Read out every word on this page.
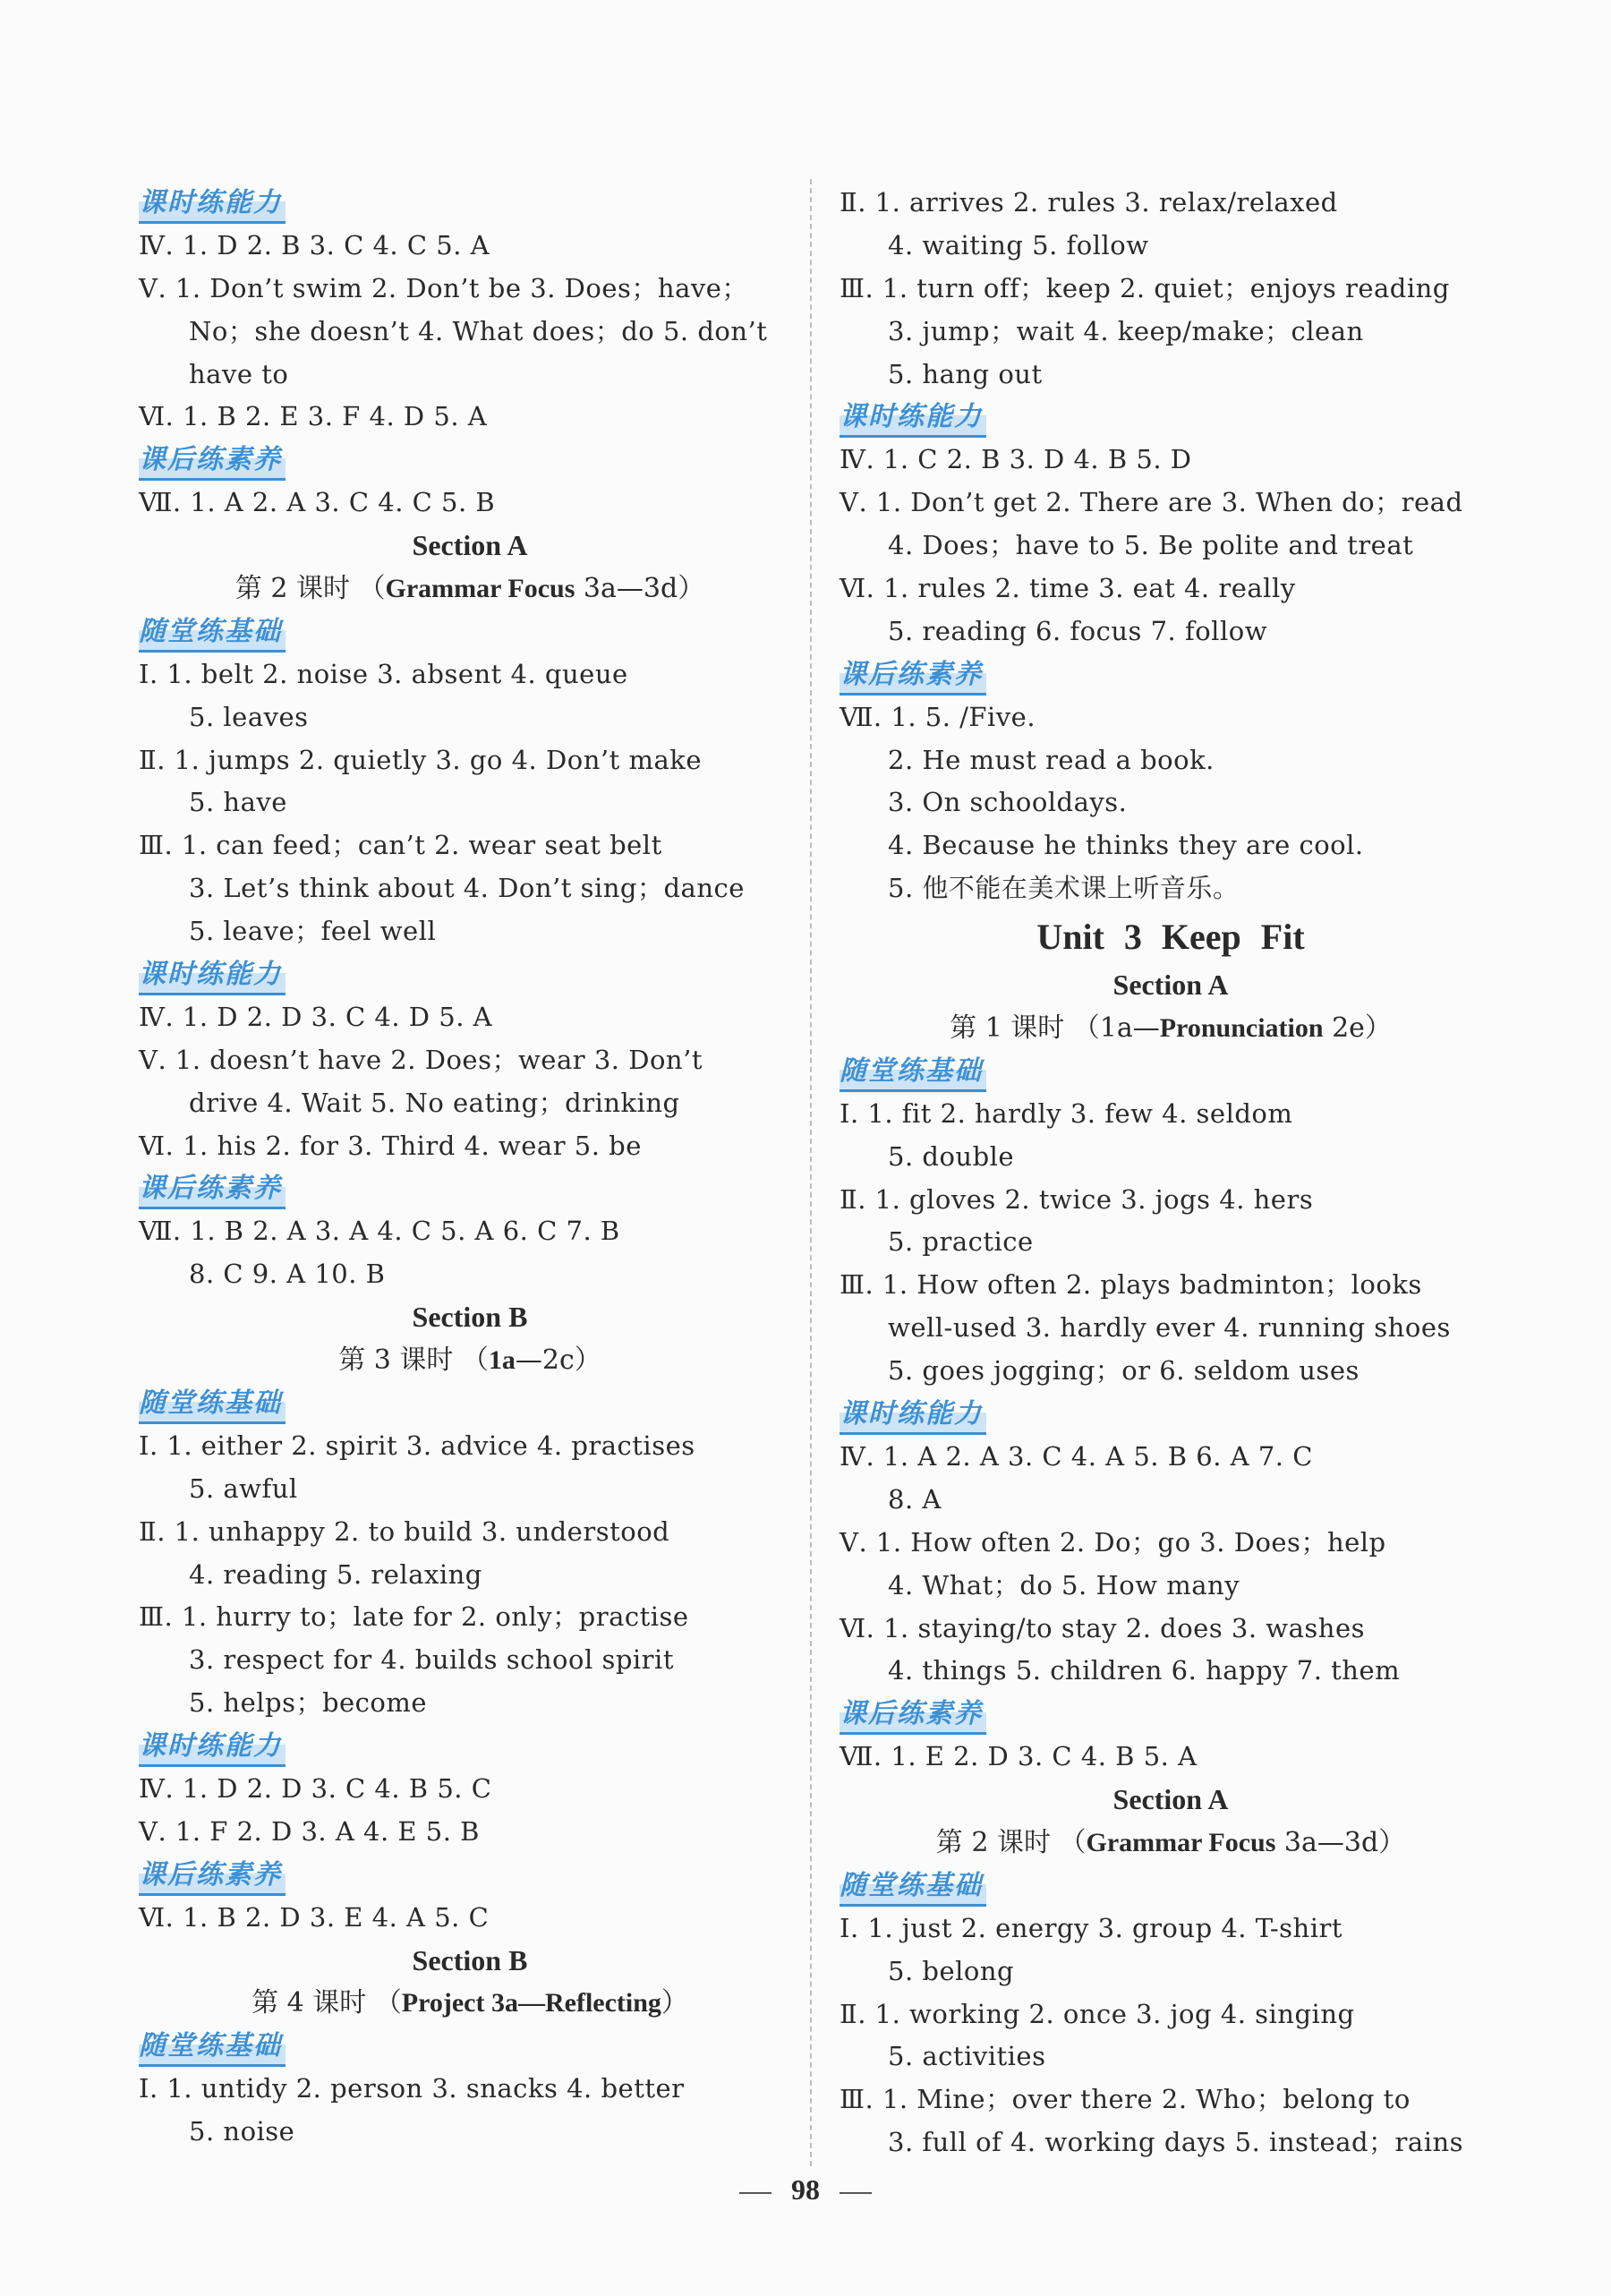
课时练能力
Ⅳ. 1. D 2. B 3. C 4. C 5. A
Ⅴ. 1. Don’t swim 2. Don’t be 3. Does；have；
No；she doesn’t 4. What does；do 5. don’t
have to
Ⅵ. 1. B 2. E 3. F 4. D 5. A
课后练素养
Ⅶ. 1. A 2. A 3. C 4. C 5. B
Section A
第 2 课时 （Grammar Focus 3a—3d）
随堂练基础
Ⅰ. 1. belt 2. noise 3. absent 4. queue
5. leaves
Ⅱ. 1. jumps 2. quietly 3. go 4. Don’t make
5. have
Ⅲ. 1. can feed；can’t 2. wear seat belt
3. Let’s think about 4. Don’t sing；dance
5. leave；feel well
课时练能力
Ⅳ. 1. D 2. D 3. C 4. D 5. A
Ⅴ. 1. doesn’t have 2. Does；wear 3. Don’t
drive 4. Wait 5. No eating；drinking
Ⅵ. 1. his 2. for 3. Third 4. wear 5. be
课后练素养
Ⅶ. 1. B 2. A 3. A 4. C 5. A 6. C 7. B
8. C 9. A 10. B
Section B
第 3 课时 （1a—2c）
随堂练基础
Ⅰ. 1. either 2. spirit 3. advice 4. practises
5. awful
Ⅱ. 1. unhappy 2. to build 3. understood
4. reading 5. relaxing
Ⅲ. 1. hurry to；late for 2. only；practise
3. respect for 4. builds school spirit
5. helps；become
课时练能力
Ⅳ. 1. D 2. D 3. C 4. B 5. C
Ⅴ. 1. F 2. D 3. A 4. E 5. B
课后练素养
Ⅵ. 1. B 2. D 3. E 4. A 5. C
Section B
第 4 课时 （Project 3a—Reflecting）
随堂练基础
Ⅰ. 1. untidy 2. person 3. snacks 4. better
5. noise
Ⅱ. 1. arrives 2. rules 3. relax/relaxed
4. waiting 5. follow
Ⅲ. 1. turn off；keep 2. quiet；enjoys reading
3. jump；wait 4. keep/make；clean
5. hang out
课时练能力
Ⅳ. 1. C 2. B 3. D 4. B 5. D
Ⅴ. 1. Don’t get 2. There are 3. When do；read
4. Does；have to 5. Be polite and treat
Ⅵ. 1. rules 2. time 3. eat 4. really
5. reading 6. focus 7. follow
课后练素养
Ⅶ. 1. 5. /Five.
2. He must read a book.
3. On schooldays.
4. Because he thinks they are cool.
5. 他不能在美术课上听音乐。
Unit 3 Keep Fit
Section A
第 1 课时 （1a—Pronunciation 2e）
随堂练基础
Ⅰ. 1. fit 2. hardly 3. few 4. seldom
5. double
Ⅱ. 1. gloves 2. twice 3. jogs 4. hers
5. practice
Ⅲ. 1. How often 2. plays badminton；looks
well-used 3. hardly ever 4. running shoes
5. goes jogging；or 6. seldom uses
课时练能力
Ⅳ. 1. A 2. A 3. C 4. A 5. B 6. A 7. C
8. A
Ⅴ. 1. How often 2. Do；go 3. Does；help
4. What；do 5. How many
Ⅵ. 1. staying/to stay 2. does 3. washes
4. things 5. children 6. happy 7. them
课后练素养
Ⅶ. 1. E 2. D 3. C 4. B 5. A
Section A
第 2 课时 （Grammar Focus 3a—3d）
随堂练基础
Ⅰ. 1. just 2. energy 3. group 4. T-shirt
5. belong
Ⅱ. 1. working 2. once 3. jog 4. singing
5. activities
Ⅲ. 1. Mine；over there 2. Who；belong to
3. full of 4. working days 5. instead；rains
98
